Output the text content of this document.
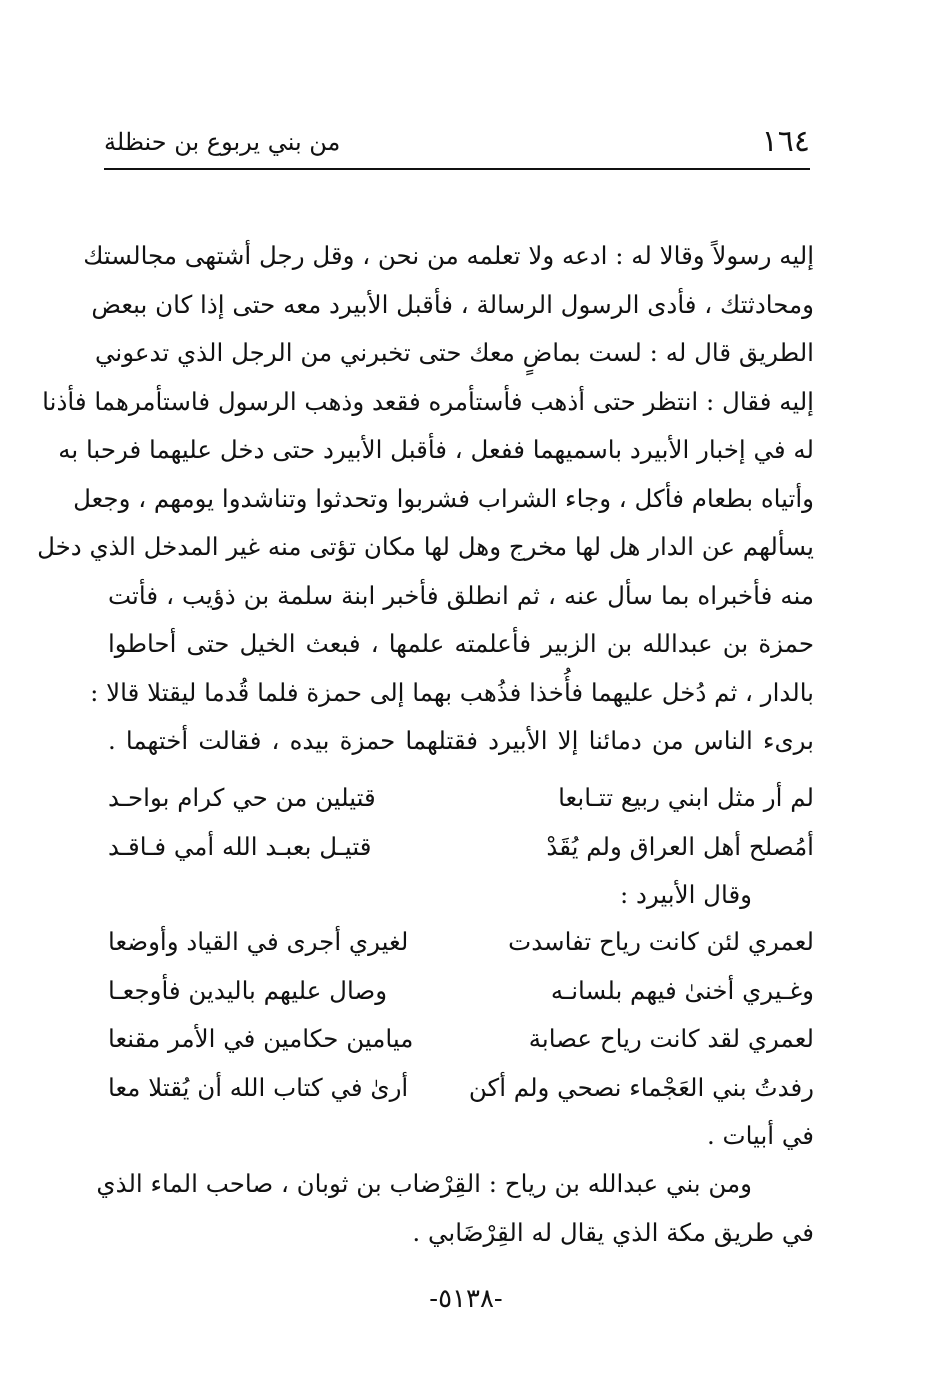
١٦٤
من بني يربوع بن حنظلة
إليه رسولاً وقالا له : ادعه ولا تعلمه من نحن ، وقل رجل أشتهى مجالستك
ومحادثتك ، فأدى الرسول الرسالة ، فأقبل الأبيرد معه حتى إذا كان ببعض
الطريق قال له : لست بماضٍ معك حتى تخبرني من الرجل الذي تدعوني
إليه فقال : انتظر حتى أذهب فأستأمره فقعد وذهب الرسول فاستأمرهما فأذنا
له في إخبار الأبيرد باسميهما ففعل ، فأقبل الأبيرد حتى دخل عليهما فرحبا به
وأتياه بطعام فأكل ، وجاء الشراب فشربوا وتحدثوا وتناشدوا يومهم ، وجعل
يسألهم عن الدار هل لها مخرج وهل لها مكان تؤتى منه غير المدخل الذي دخل
منه فأخبراه بما سأل عنه ، ثم انطلق فأخبر ابنة سلمة بن ذؤيب ، فأتت
حمزة بن عبدالله بن الزبير فأعلمته علمها ، فبعث الخيل حتى أحاطوا
بالدار ، ثم دُخل عليهما فأُخذا فذُهب بهما إلى حمزة فلما قُدما ليقتلا قالا :
برىء الناس من دمائنا إلا الأبيرد فقتلهما حمزة بيده ، فقالت أختهما .
لم أر مثل ابني ربيع تتـابعا
قتيلين من حي كرام بواحـد
أمُصلح أهل العراق ولم يُقَدْ
قتيـل بعبـد الله أمي فـاقـد
وقال الأبيرد :
لعمري لئن كانت رياح تفاسدت
لغيري أجرى في القياد وأوضعا
وغـيري أخنىٰ فيهم بلسانـه
وصال عليهم باليدين فأوجعـا
لعمري لقد كانت رياح عصابة
ميامين حكامين في الأمر مقنعا
رفدتُ بني العَجْماء نصحي ولم أكن
أرىٰ في كتاب الله أن يُقتلا معا
في أبيات .
ومن بني عبدالله بن رياح : القِرْضاب بن ثوبان ، صاحب الماء الذي
في طريق مكة الذي يقال له القِرْضَابي .
-٥١٣٨-
